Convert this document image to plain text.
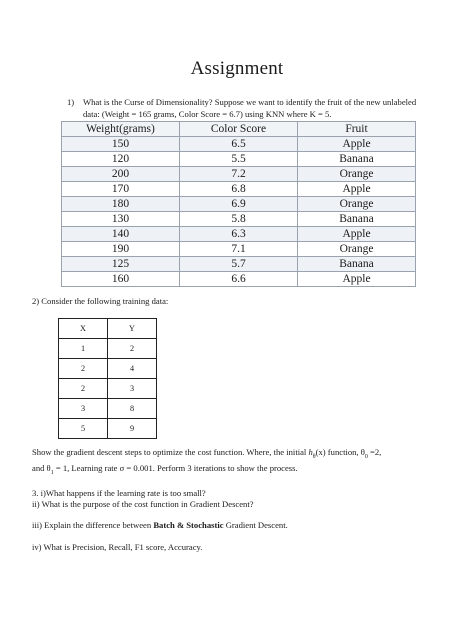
Assignment
1)	What is the Curse of Dimensionality? Suppose we want to identify the fruit of the new unlabeled data: (Weight = 165 grams, Color Score = 6.7) using KNN where K = 5.
Weight(grams)	Color Score	Fruit
150	6.5	Apple
120	5.5	Banana
200	7.2	Orange
170	6.8	Apple
180	6.9	Orange
130	5.8	Banana
140	6.3	Apple
190	7.1	Orange
125	5.7	Banana
160	6.6	Apple
2) Consider the following training data:
X	Y
1	2
2	4
2	3
3	8
5	9
Show the gradient descent steps to optimize the cost function. Where, the initial $h_\theta(x)$ function, $\theta_0 =2$,
and $\theta_1 = 1$, Learning rate σ = 0.001. Perform 3 iterations to show the process.
3. i)What happens if the learning rate is too small?
ii) What is the purpose of the cost function in Gradient Descent?
iii) Explain the difference between Batch & Stochastic Gradient Descent.
iv) What is Precision, Recall, F1 score, Accuracy.
